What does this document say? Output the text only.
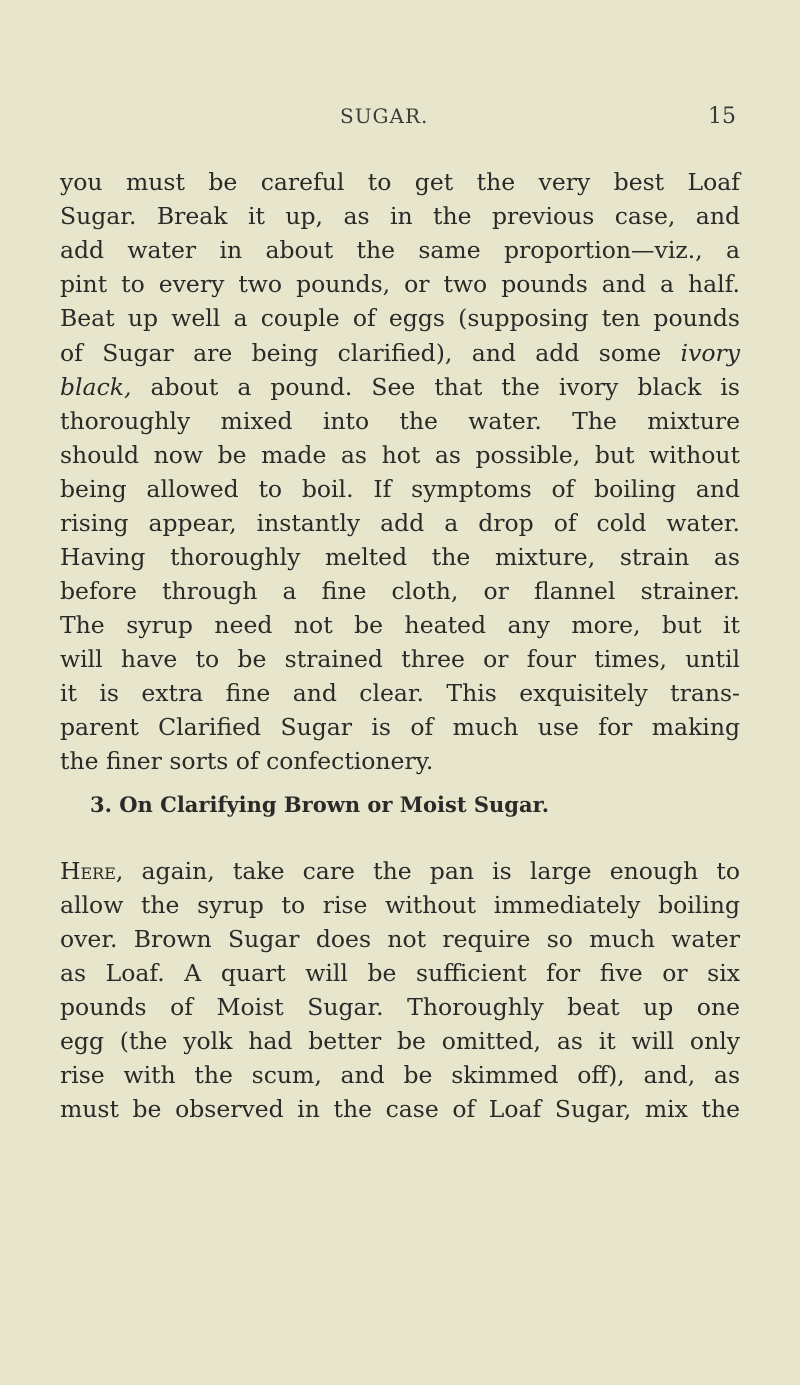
SUGAR.	15
you must be careful to get the very best Loaf
Sugar. Break it up, as in the previous case, and
add water in about the same proportion—viz., a
pint to every two pounds, or two pounds and a half.
Beat up well a couple of eggs (supposing ten pounds
of Sugar are being clarified), and add some ivory
black, about a pound. See that the ivory black is
thoroughly mixed into the water. The mixture
should now be made as hot as possible, but without
being allowed to boil. If symptoms of boiling and
rising appear, instantly add a drop of cold water.
Having thoroughly melted the mixture, strain as
before through a fine cloth, or flannel strainer.
The syrup need not be heated any more, but it
will have to be strained three or four times, until
it is extra fine and clear. This exquisitely trans-
parent Clarified Sugar is of much use for making
the finer sorts of confectionery.
3. On Clarifying Brown or Moist Sugar.
Here, again, take care the pan is large enough to
allow the syrup to rise without immediately boiling
over. Brown Sugar does not require so much water
as Loaf. A quart will be sufficient for five or six
pounds of Moist Sugar. Thoroughly beat up one
egg (the yolk had better be omitted, as it will only
rise with the scum, and be skimmed off), and, as
must be observed in the case of Loaf Sugar, mix the
